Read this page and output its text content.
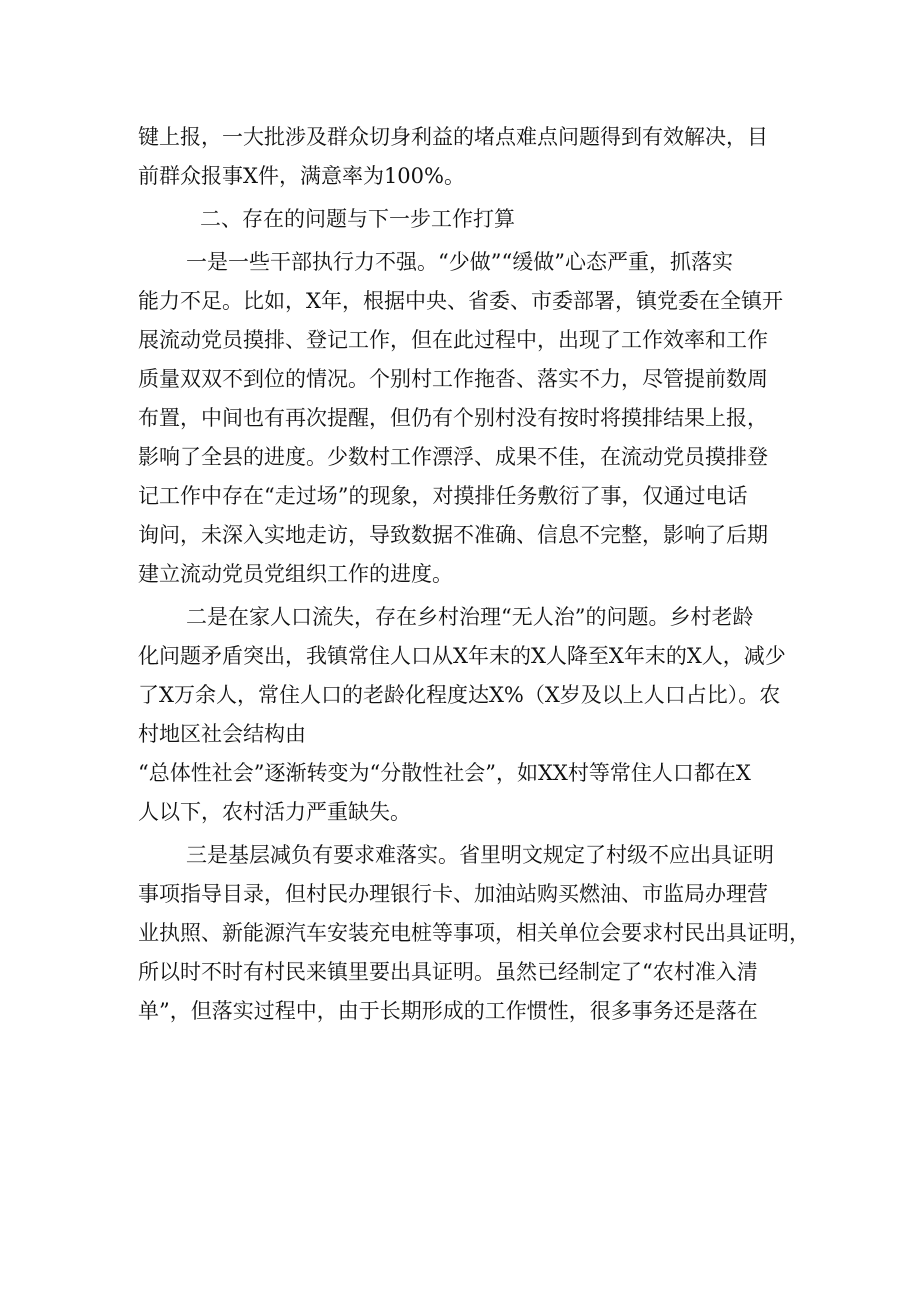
键上报，一大批涉及群众切身利益的堵点难点问题得到有效解决，目
前群众报事X件，满意率为100%。
二、存在的问题与下一步工作打算
一是一些干部执行力不强。“少做”“缓做”心态严重，抓落实
能力不足。比如，X年，根据中央、省委、市委部署，镇党委在全镇开
展流动党员摸排、登记工作，但在此过程中，出现了工作效率和工作
质量双双不到位的情况。个别村工作拖沓、落实不力，尽管提前数周
布置，中间也有再次提醒，但仍有个别村没有按时将摸排结果上报，
影响了全县的进度。少数村工作漂浮、成果不佳，在流动党员摸排登
记工作中存在“走过场”的现象，对摸排任务敷衍了事，仅通过电话
询问，未深入实地走访，导致数据不准确、信息不完整，影响了后期
建立流动党员党组织工作的进度。
二是在家人口流失，存在乡村治理“无人治”的问题。乡村老龄
化问题矛盾突出，我镇常住人口从X年末的X人降至X年末的X人，减少
了X万余人，常住人口的老龄化程度达X%（X岁及以上人口占比）。农
村地区社会结构由
“总体性社会”逐渐转变为“分散性社会”，如XX村等常住人口都在X
人以下，农村活力严重缺失。
三是基层减负有要求难落实。省里明文规定了村级不应出具证明
事项指导目录，但村民办理银行卡、加油站购买燃油、市监局办理营
业执照、新能源汽车安装充电桩等事项，相关单位会要求村民出具证明，
所以时不时有村民来镇里要出具证明。虽然已经制定了“农村准入清
单”，但落实过程中，由于长期形成的工作惯性，很多事务还是落在
